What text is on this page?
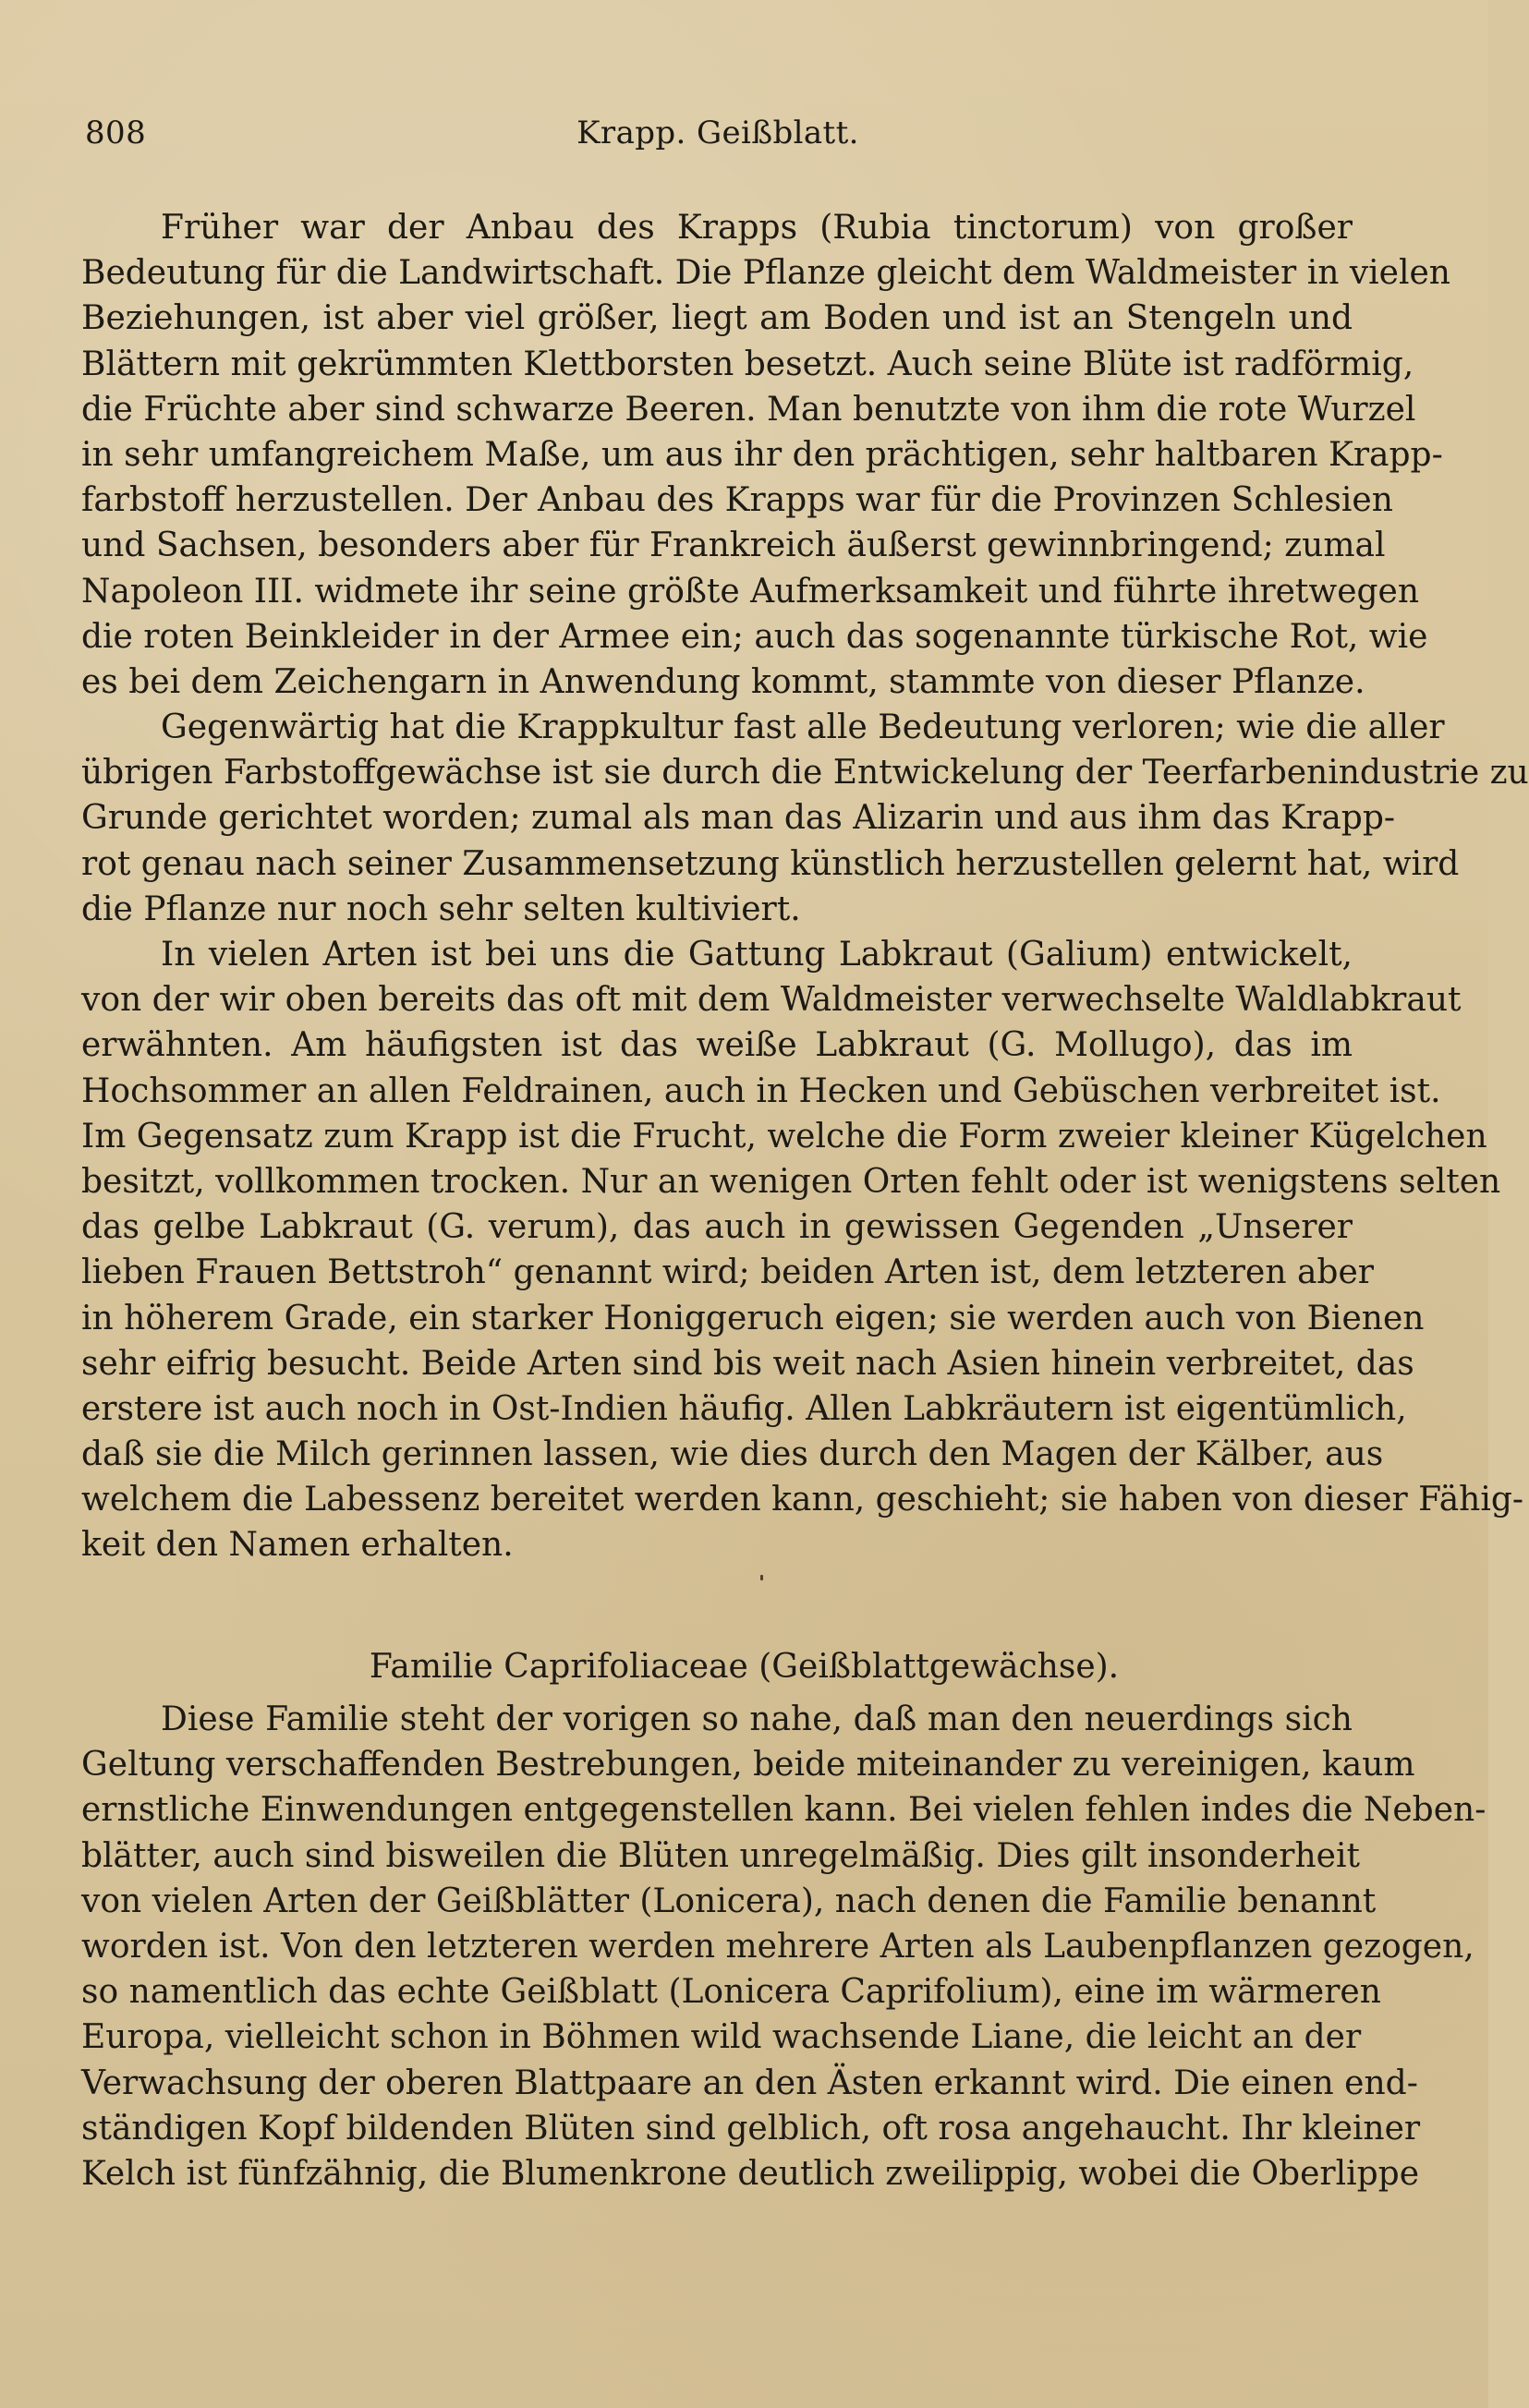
808	Krapp. Geißblatt.
Früher war der Anbau des Krapps (Rubia tinctorum) von großer
Bedeutung für die Landwirtschaft. Die Pflanze gleicht dem Waldmeister in vielen
Beziehungen, ist aber viel größer, liegt am Boden und ist an Stengeln und
Blättern mit gekrümmten Klettborsten besetzt. Auch seine Blüte ist radförmig,
die Früchte aber sind schwarze Beeren. Man benutzte von ihm die rote Wurzel
in sehr umfangreichem Maße, um aus ihr den prächtigen, sehr haltbaren Krapp-
farbstoff herzustellen. Der Anbau des Krapps war für die Provinzen Schlesien
und Sachsen, besonders aber für Frankreich äußerst gewinnbringend; zumal
Napoleon III. widmete ihr seine größte Aufmerksamkeit und führte ihretwegen
die roten Beinkleider in der Armee ein; auch das sogenannte türkische Rot, wie
es bei dem Zeichengarn in Anwendung kommt, stammte von dieser Pflanze.
Gegenwärtig hat die Krappkultur fast alle Bedeutung verloren; wie die aller
übrigen Farbstoffgewächse ist sie durch die Entwickelung der Teerfarbenindustrie zu
Grunde gerichtet worden; zumal als man das Alizarin und aus ihm das Krapp-
rot genau nach seiner Zusammensetzung künstlich herzustellen gelernt hat, wird
die Pflanze nur noch sehr selten kultiviert.
In vielen Arten ist bei uns die Gattung Labkraut (Galium) entwickelt,
von der wir oben bereits das oft mit dem Waldmeister verwechselte Waldlabkraut
erwähnten. Am häufigsten ist das weiße Labkraut (G. Mollugo), das im
Hochsommer an allen Feldrainen, auch in Hecken und Gebüschen verbreitet ist.
Im Gegensatz zum Krapp ist die Frucht, welche die Form zweier kleiner Kügelchen
besitzt, vollkommen trocken. Nur an wenigen Orten fehlt oder ist wenigstens selten
das gelbe Labkraut (G. verum), das auch in gewissen Gegenden „Unserer
lieben Frauen Bettstroh“ genannt wird; beiden Arten ist, dem letzteren aber
in höherem Grade, ein starker Honiggeruch eigen; sie werden auch von Bienen
sehr eifrig besucht. Beide Arten sind bis weit nach Asien hinein verbreitet, das
erstere ist auch noch in Ost-Indien häufig. Allen Labkräutern ist eigentümlich,
daß sie die Milch gerinnen lassen, wie dies durch den Magen der Kälber, aus
welchem die Labessenz bereitet werden kann, geschieht; sie haben von dieser Fähig-
keit den Namen erhalten.
Familie Caprifoliaceae (Geißblattgewächse).
Diese Familie steht der vorigen so nahe, daß man den neuerdings sich
Geltung verschaffenden Bestrebungen, beide miteinander zu vereinigen, kaum
ernstliche Einwendungen entgegenstellen kann. Bei vielen fehlen indes die Neben-
blätter, auch sind bisweilen die Blüten unregelmäßig. Dies gilt insonderheit
von vielen Arten der Geißblätter (Lonicera), nach denen die Familie benannt
worden ist. Von den letzteren werden mehrere Arten als Laubenpflanzen gezogen,
so namentlich das echte Geißblatt (Lonicera Caprifolium), eine im wärmeren
Europa, vielleicht schon in Böhmen wild wachsende Liane, die leicht an der
Verwachsung der oberen Blattpaare an den Ästen erkannt wird. Die einen end-
ständigen Kopf bildenden Blüten sind gelblich, oft rosa angehaucht. Ihr kleiner
Kelch ist fünfzähnig, die Blumenkrone deutlich zweilippig, wobei die Oberlippe
